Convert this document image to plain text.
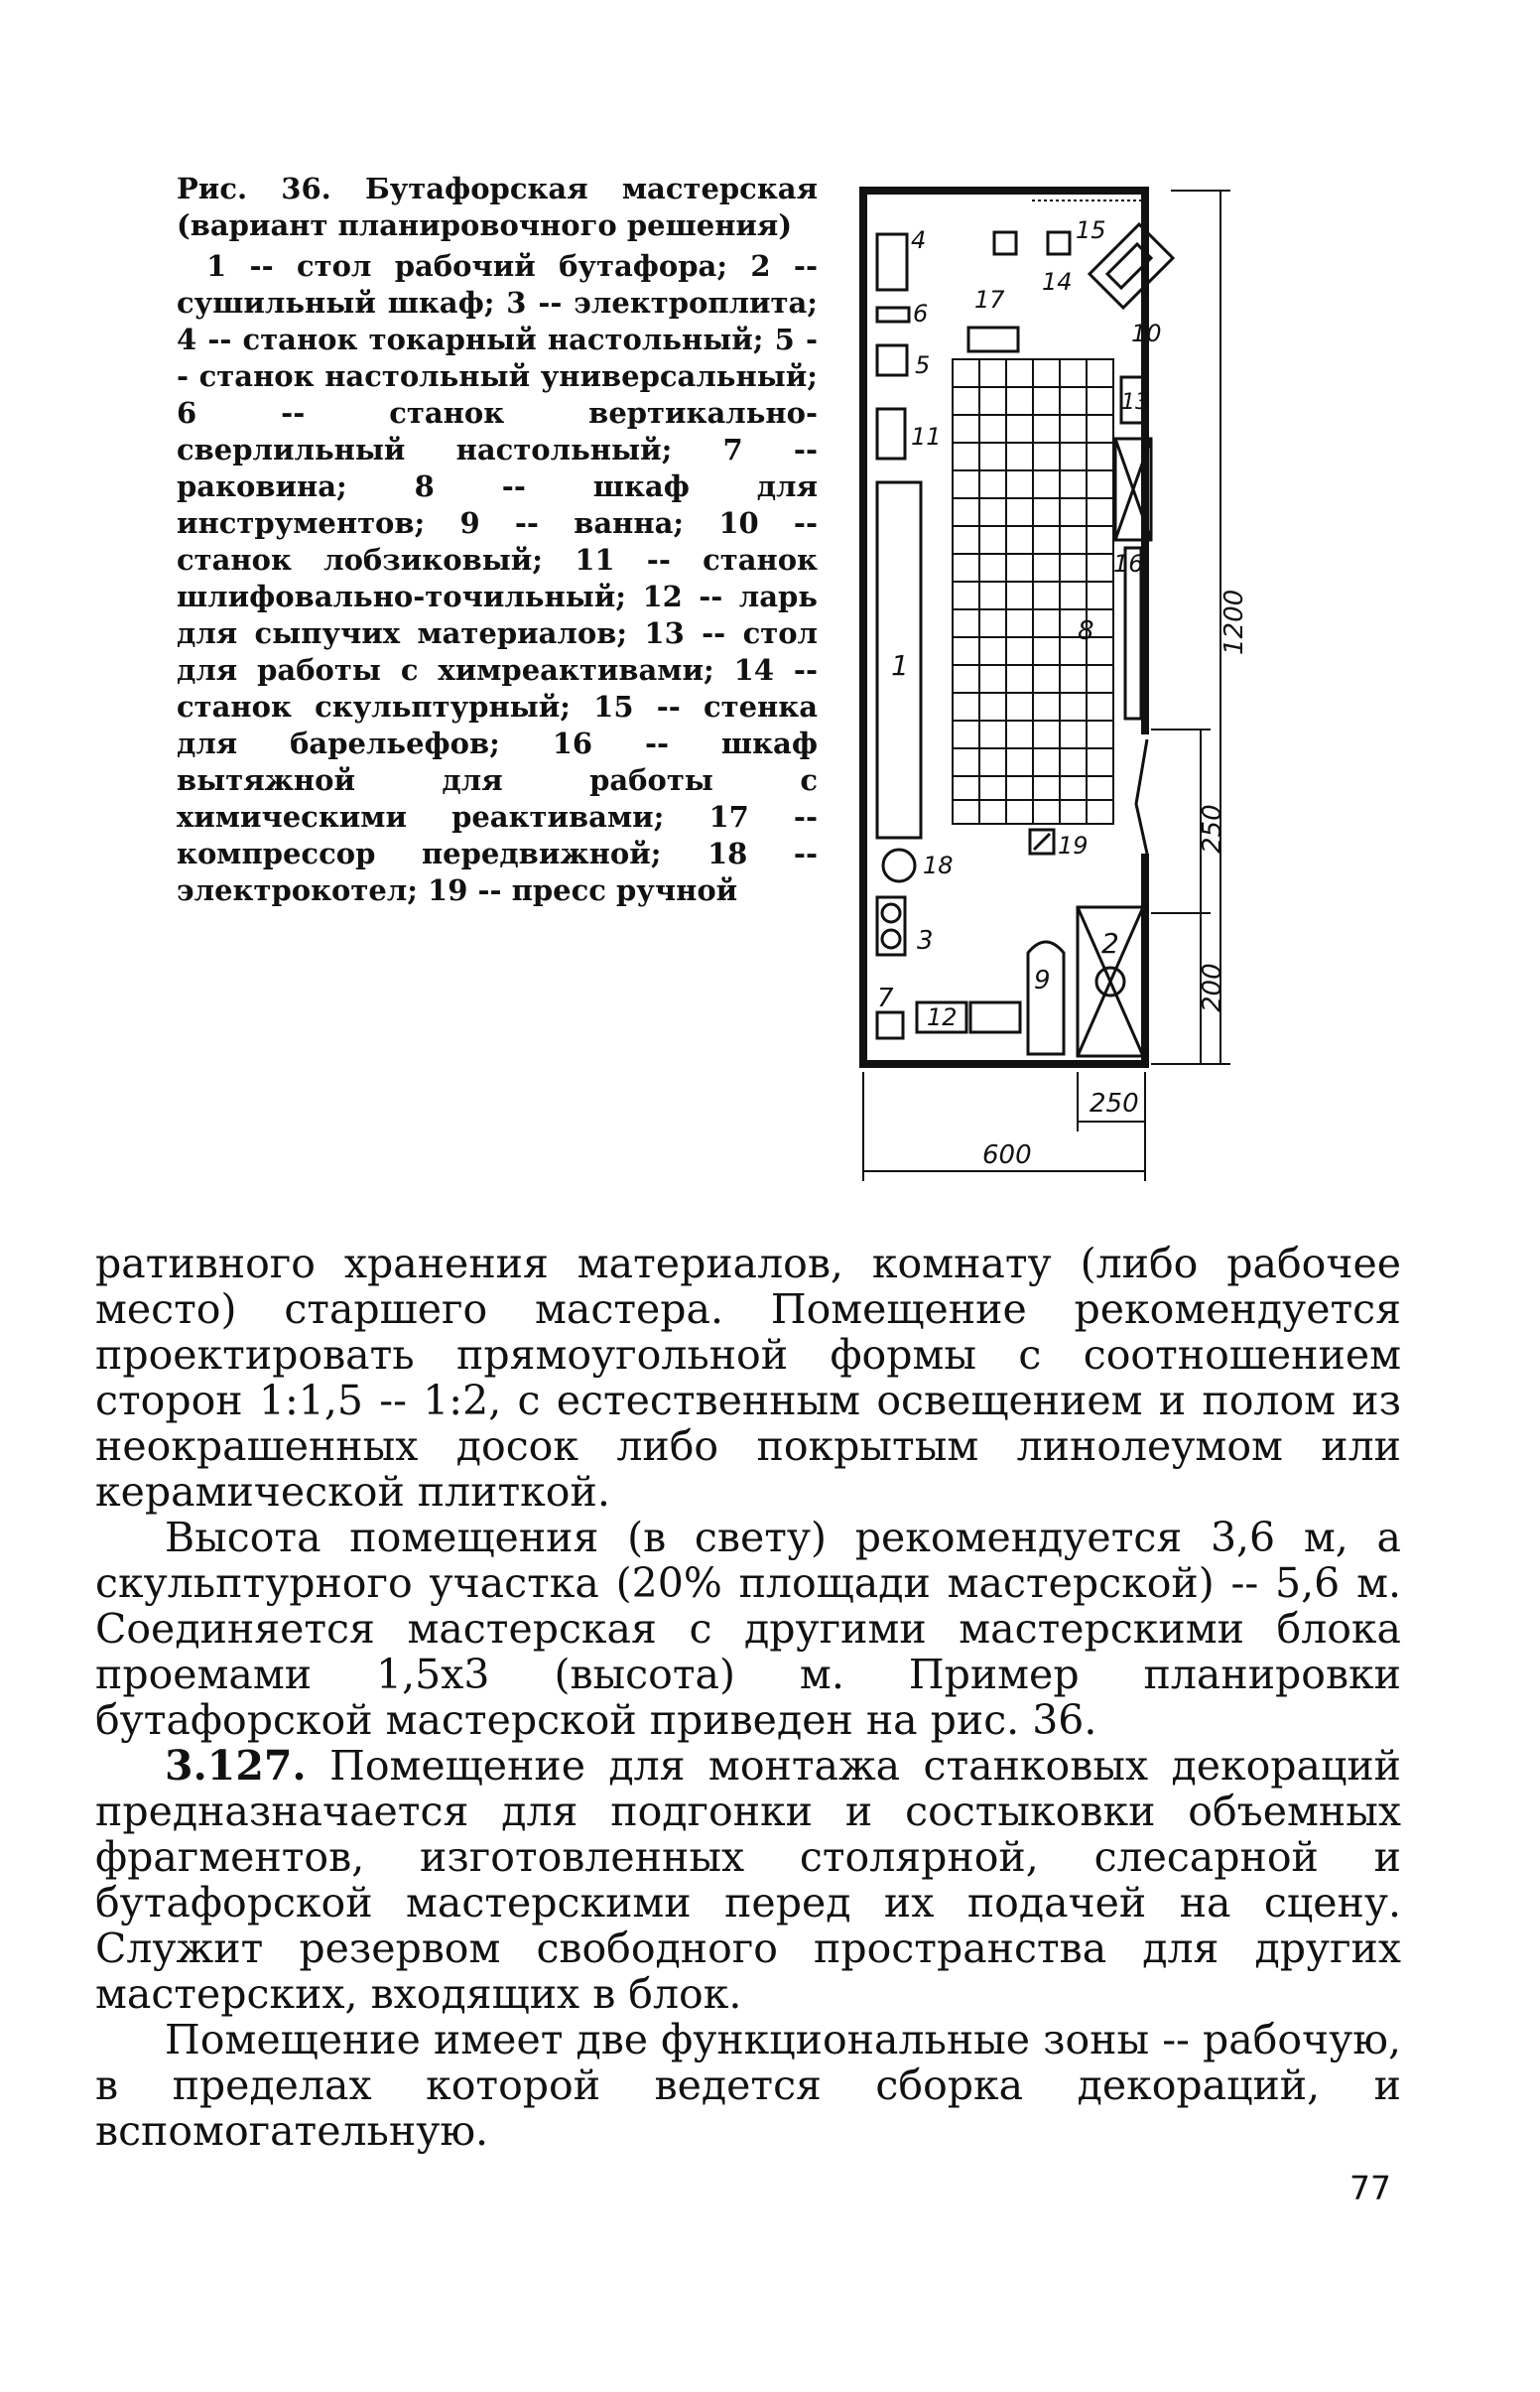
Рис. 36. Бутафорская мастерская (вариант планировочного решения)
1 -- стол рабочий бутафора; 2 -- сушильный шкаф; 3 -- электроплита; 4 -- станок токарный настольный; 5 -- станок настольный универсальный; 6 -- станок вертикально-сверлильный настольный; 7 -- раковина; 8 -- шкаф для инструментов; 9 -- ванна; 10 -- станок лобзиковый; 11 -- станок шлифовально-точильный; 12 -- ларь для сыпучих материалов; 13 -- стол для работы с химреактивами; 14 -- станок скульптурный; 15 -- стенка для барельефов; 16 -- шкаф вытяжной для работы с химическими реактивами; 17 -- компрессор передвижной; 18 -- электрокотел; 19 -- пресс ручной
4
6
5
11
1
17
14
15
10
13
16
8
19
18
3
7
12
9
2
1200
250
200
250
600

ративного хранения материалов, комнату (либо рабочее место) старшего мастера. Помещение рекомендуется проектировать прямоугольной формы с соотношением сторон 1:1,5 -- 1:2, с естественным освещением и полом из неокрашенных досок либо покрытым линолеумом или керамической плиткой.

Высота помещения (в свету) рекомендуется 3,6 м, а скульптурного участка (20% площади мастерской) -- 5,6 м. Соединяется мастерская с другими мастерскими блока проемами 1,5x3 (высота) м. Пример планировки бутафорской мастерской приведен на рис. 36.

3.127. Помещение для монтажа станковых декораций предназначается для подгонки и состыковки объемных фрагментов, изготовленных столярной, слесарной и бутафорской мастерскими перед их подачей на сцену. Служит резервом свободного пространства для других мастерских, входящих в блок.

Помещение имеет две функциональные зоны -- рабочую, в пределах которой ведется сборка декораций, и вспомогательную.

77
